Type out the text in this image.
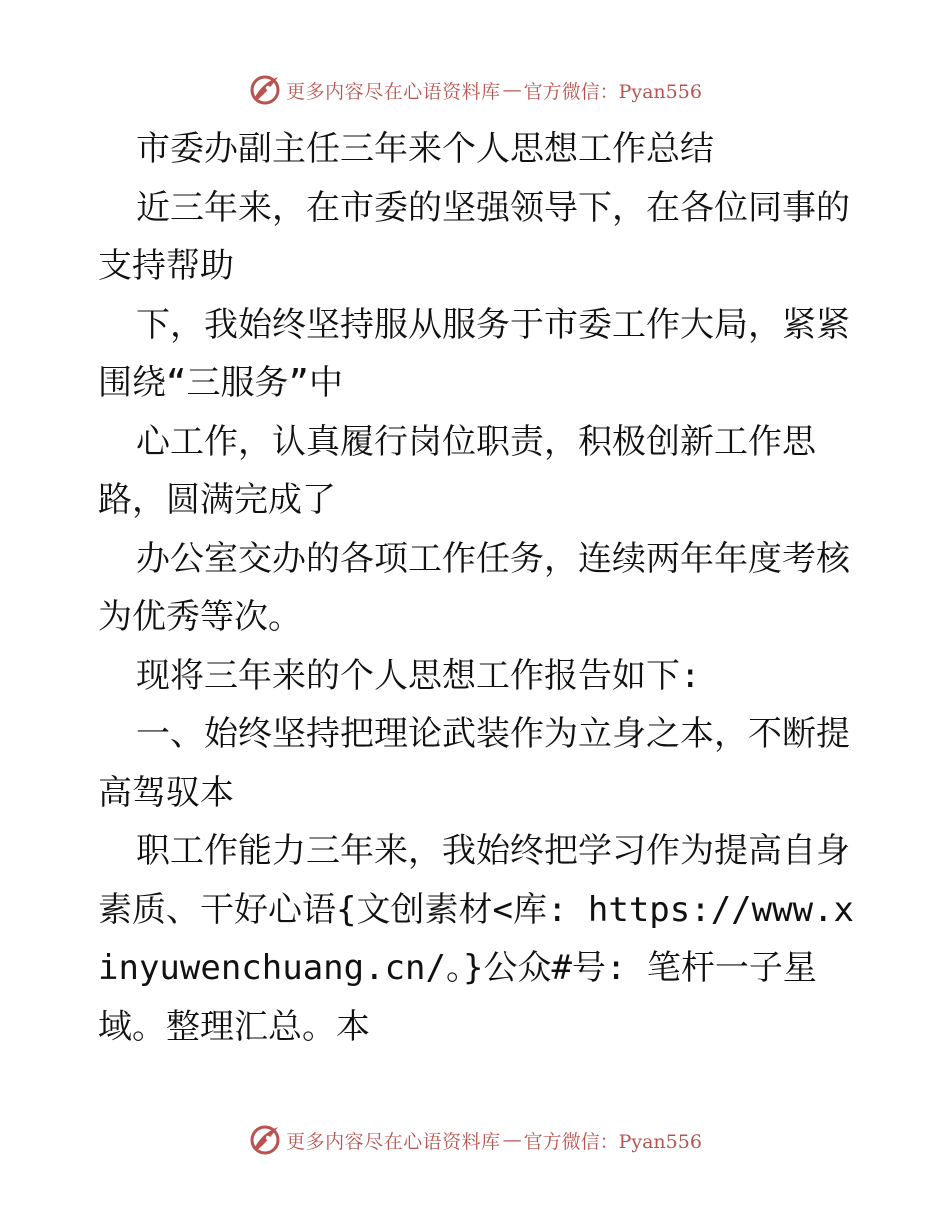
更多内容尽在心语资料库 — 官方微信：Pyan556

市委办副主任三年来个人思想工作总结

近三年来，在市委的坚强领导下，在各位同事的支持帮助

下，我始终坚持服从服务于市委工作大局，紧紧围绕“三服务”中

心工作，认真履行岗位职责，积极创新工作思路，圆满完成了

办公室交办的各项工作任务，连续两年年度考核为优秀等次。

现将三年来的个人思想工作报告如下:

一、始终坚持把理论武装作为立身之本，不断提高驾驭本

职工作能力三年来，我始终把学习作为提高自身素质、干好心语{文创素材<库: https://www.xinyuwenchuang.cn/。}公众#号: 笔杆一子星域。整理汇总。本

更多内容尽在心语资料库 — 官方微信：Pyan556
